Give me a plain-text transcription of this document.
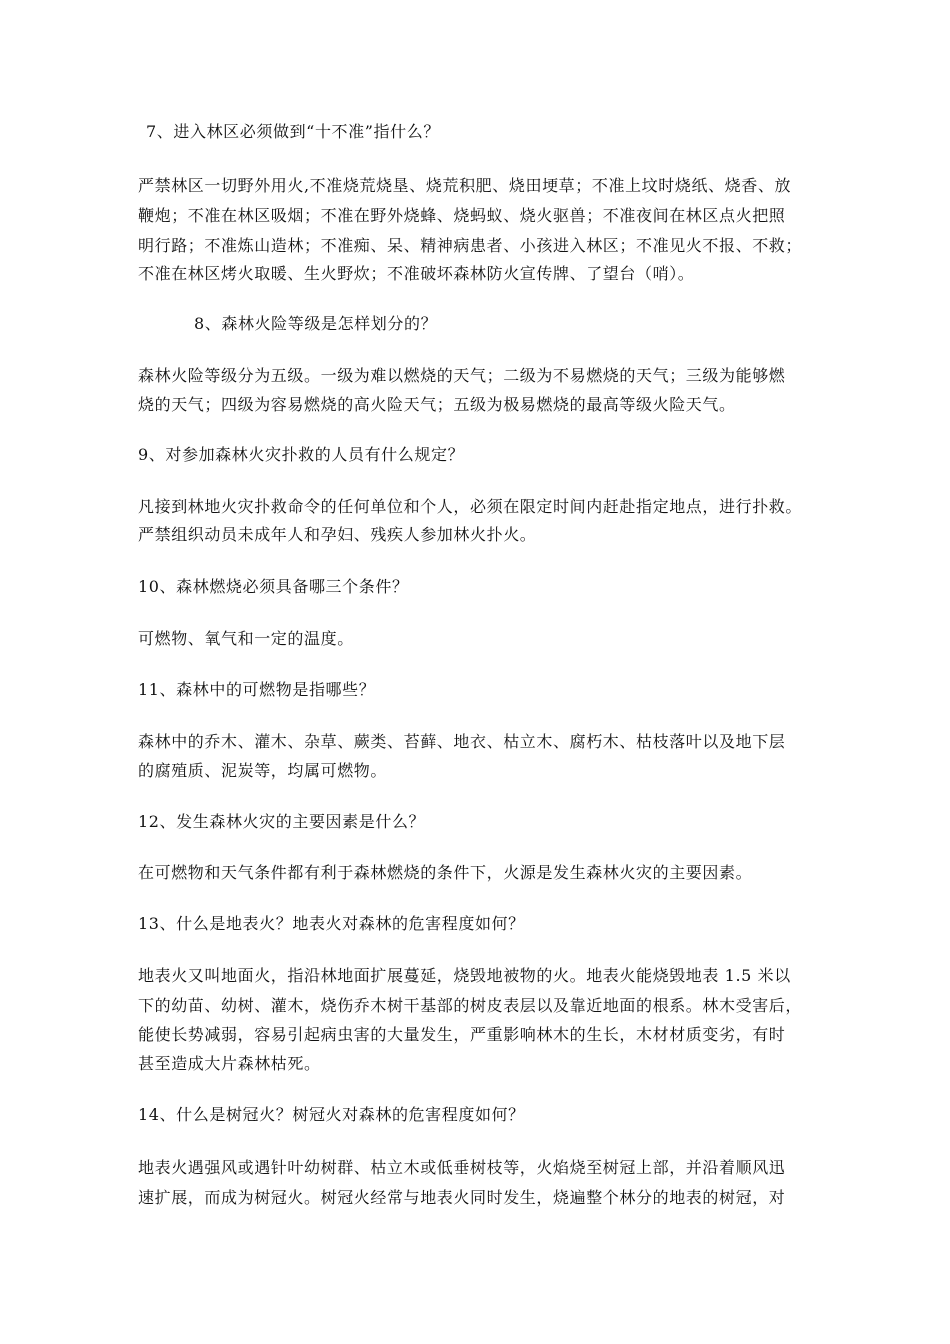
7、进入林区必须做到“十不准”指什么？
严禁林区一切野外用火,不准烧荒烧垦、烧荒积肥、烧田埂草；不准上坟时烧纸、烧香、放
鞭炮；不准在林区吸烟；不准在野外烧蜂、烧蚂蚁、烧火驱兽；不准夜间在林区点火把照
明行路；不准炼山造林；不准痴、呆、精神病患者、小孩进入林区；不准见火不报、不救；
不准在林区烤火取暖、生火野炊；不准破坏森林防火宣传牌、了望台（哨）。
8、森林火险等级是怎样划分的？
森林火险等级分为五级。一级为难以燃烧的天气；二级为不易燃烧的天气；三级为能够燃
烧的天气；四级为容易燃烧的高火险天气；五级为极易燃烧的最高等级火险天气。
9、对参加森林火灾扑救的人员有什么规定？
凡接到林地火灾扑救命令的任何单位和个人，必须在限定时间内赶赴指定地点，进行扑救。
严禁组织动员未成年人和孕妇、残疾人参加林火扑火。
10、森林燃烧必须具备哪三个条件？
可燃物、氧气和一定的温度。
11、森林中的可燃物是指哪些？
森林中的乔木、灌木、杂草、蕨类、苔藓、地衣、枯立木、腐朽木、枯枝落叶以及地下层
的腐殖质、泥炭等，均属可燃物。
12、发生森林火灾的主要因素是什么？
在可燃物和天气条件都有利于森林燃烧的条件下，火源是发生森林火灾的主要因素。
13、什么是地表火？地表火对森林的危害程度如何？
地表火又叫地面火，指沿林地面扩展蔓延，烧毁地被物的火。地表火能烧毁地表 1.5 米以
下的幼苗、幼树、灌木，烧伤乔木树干基部的树皮表层以及靠近地面的根系。林木受害后，
能使长势减弱，容易引起病虫害的大量发生，严重影响林木的生长，木材材质变劣，有时
甚至造成大片森林枯死。
14、什么是树冠火？树冠火对森林的危害程度如何？
地表火遇强风或遇针叶幼树群、枯立木或低垂树枝等，火焰烧至树冠上部，并沿着顺风迅
速扩展，而成为树冠火。树冠火经常与地表火同时发生，烧遍整个林分的地表的树冠，对
